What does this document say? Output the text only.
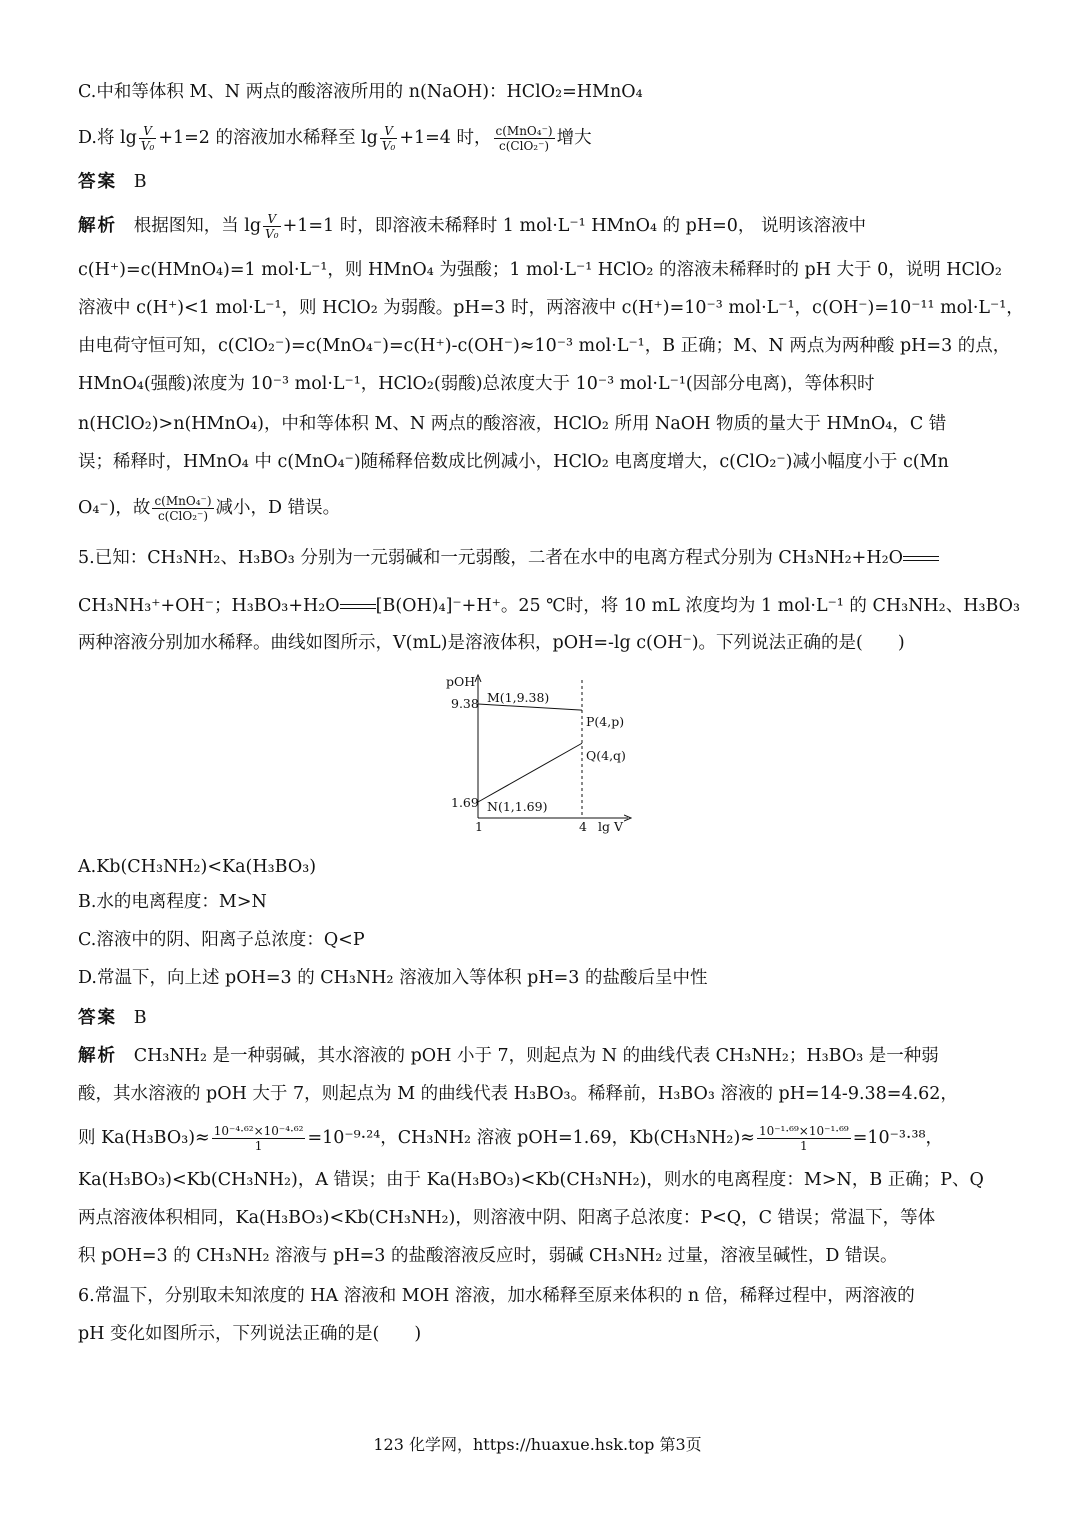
C.中和等体积 M、N 两点的酸溶液所用的 n(NaOH)：HClO₂=HMnO₄
D.将 $\lg \frac{V}{\text{V₀}} +1=2$ 的溶液加水稀释至 $\lg \frac{V}{\text{V₀}} +1=4$ 时， $\frac{\text{c(MnO₄⁻)}}{\text{c(ClO₂⁻)}}$ 增大
答案 B
解析 根据图知，当 $\lg \frac{V}{\text{V₀}} +1=1$ 时，即溶液未稀释时 1 mol·L⁻¹ HMnO₄ 的 pH=0， 说明该溶液中
c(H⁺)=c(HMnO₄)=1 mol·L⁻¹，则 HMnO₄ 为强酸；1 mol·L⁻¹ HClO₂ 的溶液未稀释时的 pH 大于 0，说明 HClO₂
溶液中 c(H⁺)<1 mol·L⁻¹，则 HClO₂ 为弱酸。pH=3 时，两溶液中 c(H⁺)=10⁻³ mol·L⁻¹，c(OH⁻)=10⁻¹¹ mol·L⁻¹，
由电荷守恒可知，c(ClO₂⁻)=c(MnO₄⁻)=c(H⁺)-c(OH⁻)≈10⁻³ mol·L⁻¹，B 正确；M、N 两点为两种酸 pH=3 的点，
HMnO₄(强酸)浓度为 10⁻³ mol·L⁻¹，HClO₂(弱酸)总浓度大于 10⁻³ mol·L⁻¹(因部分电离)，等体积时
n(HClO₂)>n(HMnO₄)，中和等体积 M、N 两点的酸溶液，HClO₂ 所用 NaOH 物质的量大于 HMnO₄，C 错
误；稀释时，HMnO₄ 中 c(MnO₄⁻)随稀释倍数成比例减小，HClO₂ 电离度增大，c(ClO₂⁻)减小幅度小于 c(Mn
O₄⁻)，故 $\frac{\text{c(MnO₄⁻)}}{\text{c(ClO₂⁻)}}$ 减小，D 错误。
5.已知：CH₃NH₂、H₃BO₃ 分别为一元弱碱和一元弱酸，二者在水中的电离方程式分别为 CH₃NH₂+H₂O
CH₃NH₃⁺+OH⁻；H₃BO₃+H₂O [B(OH)₄]⁻+H⁺。25 ℃时，将 10 mL 浓度均为 1 mol·L⁻¹ 的 CH₃NH₂、H₃BO₃
两种溶液分别加水稀释。曲线如图所示，V(mL)是溶液体积，pOH=-lg c(OH⁻)。下列说法正确的是(　　)
pOH
lg V
9.38
1.69
1	4
M(1,9.38)
P(4,p)
Q(4,q)
N(1,1.69)
A.Kb(CH₃NH₂)<Ka(H₃BO₃)
B.水的电离程度：M>N
C.溶液中的阴、阳离子总浓度：Q<P
D.常温下，向上述 pOH=3 的 CH₃NH₂ 溶液加入等体积 pH=3 的盐酸后呈中性
答案 B
解析 CH₃NH₂ 是一种弱碱，其水溶液的 pOH 小于 7，则起点为 N 的曲线代表 CH₃NH₂；H₃BO₃ 是一种弱
酸，其水溶液的 pOH 大于 7，则起点为 M 的曲线代表 H₃BO₃。稀释前，H₃BO₃ 溶液的 pH=14-9.38=4.62，
则 $Ka(H_3BO_3)\approx \frac{\text{10⁻⁴·⁶²×10⁻⁴·⁶²}}{1} =10^{-9}\cdot^{24}$，CH₃NH₂ 溶液 pOH=1.69，$Kb(CH_3NH_2)\approx \frac{\text{10⁻¹·⁶⁹×10⁻¹·⁶⁹}}{1} =10^{-3}\cdot^{38}$，
Ka(H₃BO₃)<Kb(CH₃NH₂)，A 错误；由于 Ka(H₃BO₃)<Kb(CH₃NH₂)，则水的电离程度：M>N，B 正确；P、Q
两点溶液体积相同，Ka(H₃BO₃)<Kb(CH₃NH₂)，则溶液中阴、阳离子总浓度：P<Q，C 错误；常温下，等体
积 pOH=3 的 CH₃NH₂ 溶液与 pH=3 的盐酸溶液反应时，弱碱 CH₃NH₂ 过量，溶液呈碱性，D 错误。
6.常温下，分别取未知浓度的 HA 溶液和 MOH 溶液，加水稀释至原来体积的 n 倍，稀释过程中，两溶液的
pH 变化如图所示，下列说法正确的是(　　)
123 化学网，https://huaxue.hsk.top 第3页
